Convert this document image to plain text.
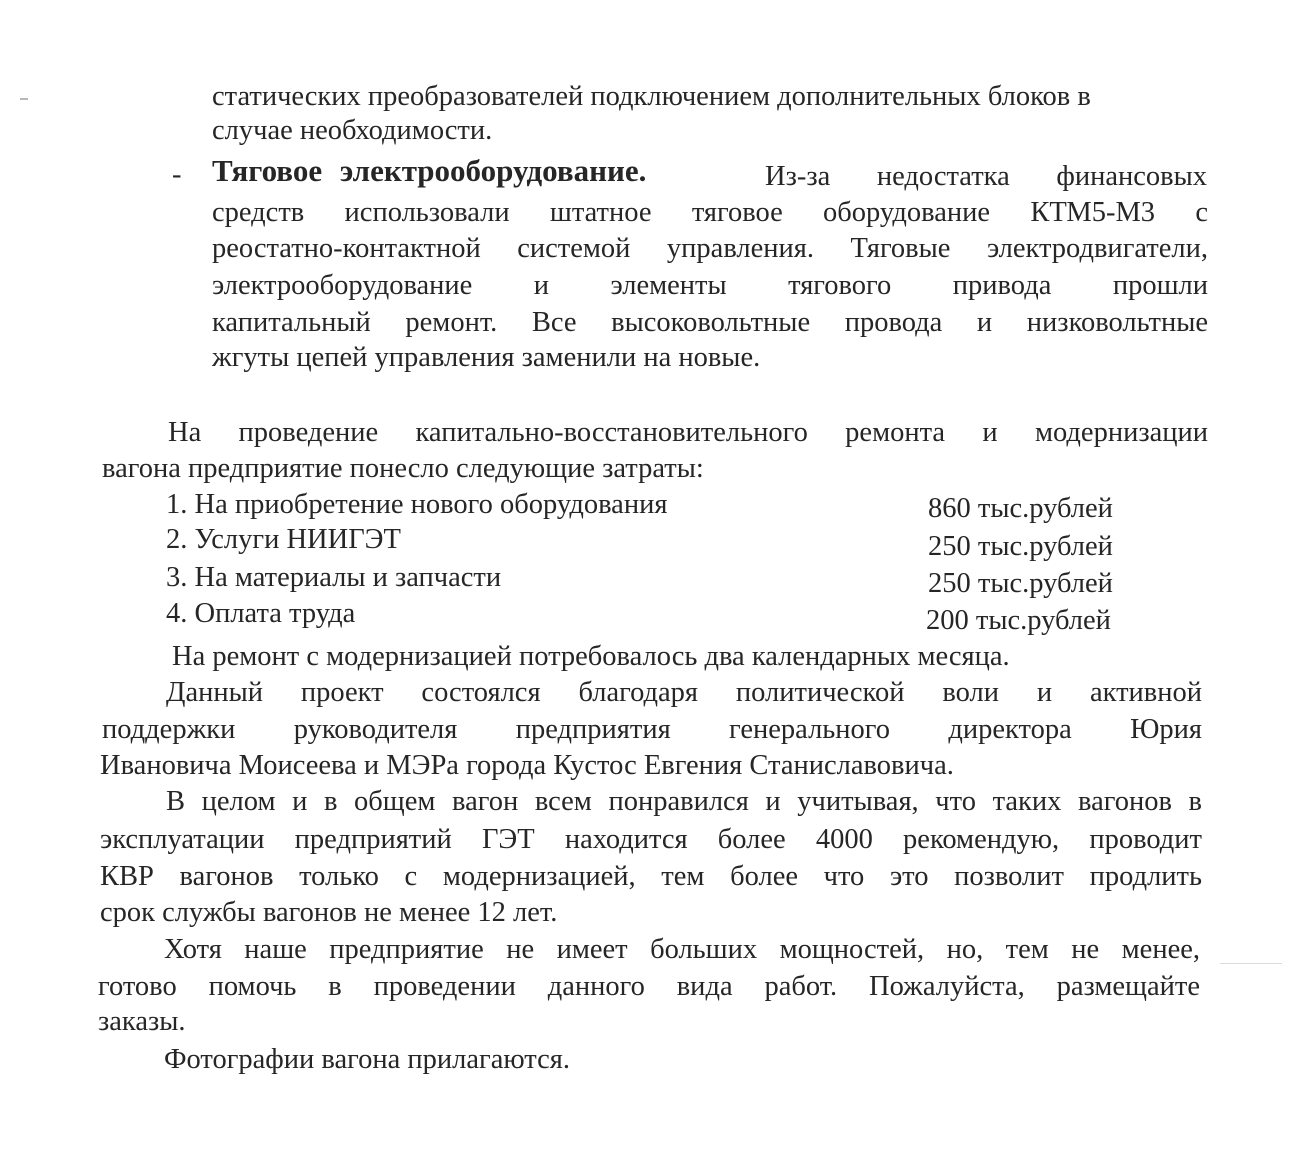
статических преобразователей подключением дополнительных блоков в
случае необходимости.
- Тяговое электрооборудование.	Из-за недостатка финансовых
средств использовали штатное тяговое оборудование КТМ5-М3 с
реостатно-контактной системой управления. Тяговые электродвигатели,
электрооборудование и элементы тягового привода прошли
капитальный ремонт. Все высоковольтные провода и низковольтные
жгуты цепей управления заменили на новые.
На проведение капитально-восстановительного ремонта и модернизации
вагона предприятие понесло следующие затраты:
1. На приобретение нового оборудования	860 тыс.рублей
2. Услуги НИИГЭТ	250 тыс.рублей
3. На материалы и запчасти	250 тыс.рублей
4. Оплата труда	200 тыс.рублей
На ремонт с модернизацией потребовалось два календарных месяца.
Данный проект состоялся благодаря политической воли и активной
поддержки руководителя предприятия генерального директора Юрия
Ивановича Моисеева и МЭРа города Кустос Евгения Станиславовича.
В целом и в общем вагон всем понравился и учитывая, что таких вагонов в
эксплуатации предприятий ГЭТ находится более 4000 рекомендую, проводит
КВР вагонов только с модернизацией, тем более что это позволит продлить
срок службы вагонов не менее 12 лет.
Хотя наше предприятие не имеет больших мощностей, но, тем не менее,
готово помочь в проведении данного вида работ. Пожалуйста, размещайте
заказы.
Фотографии вагона прилагаются.
